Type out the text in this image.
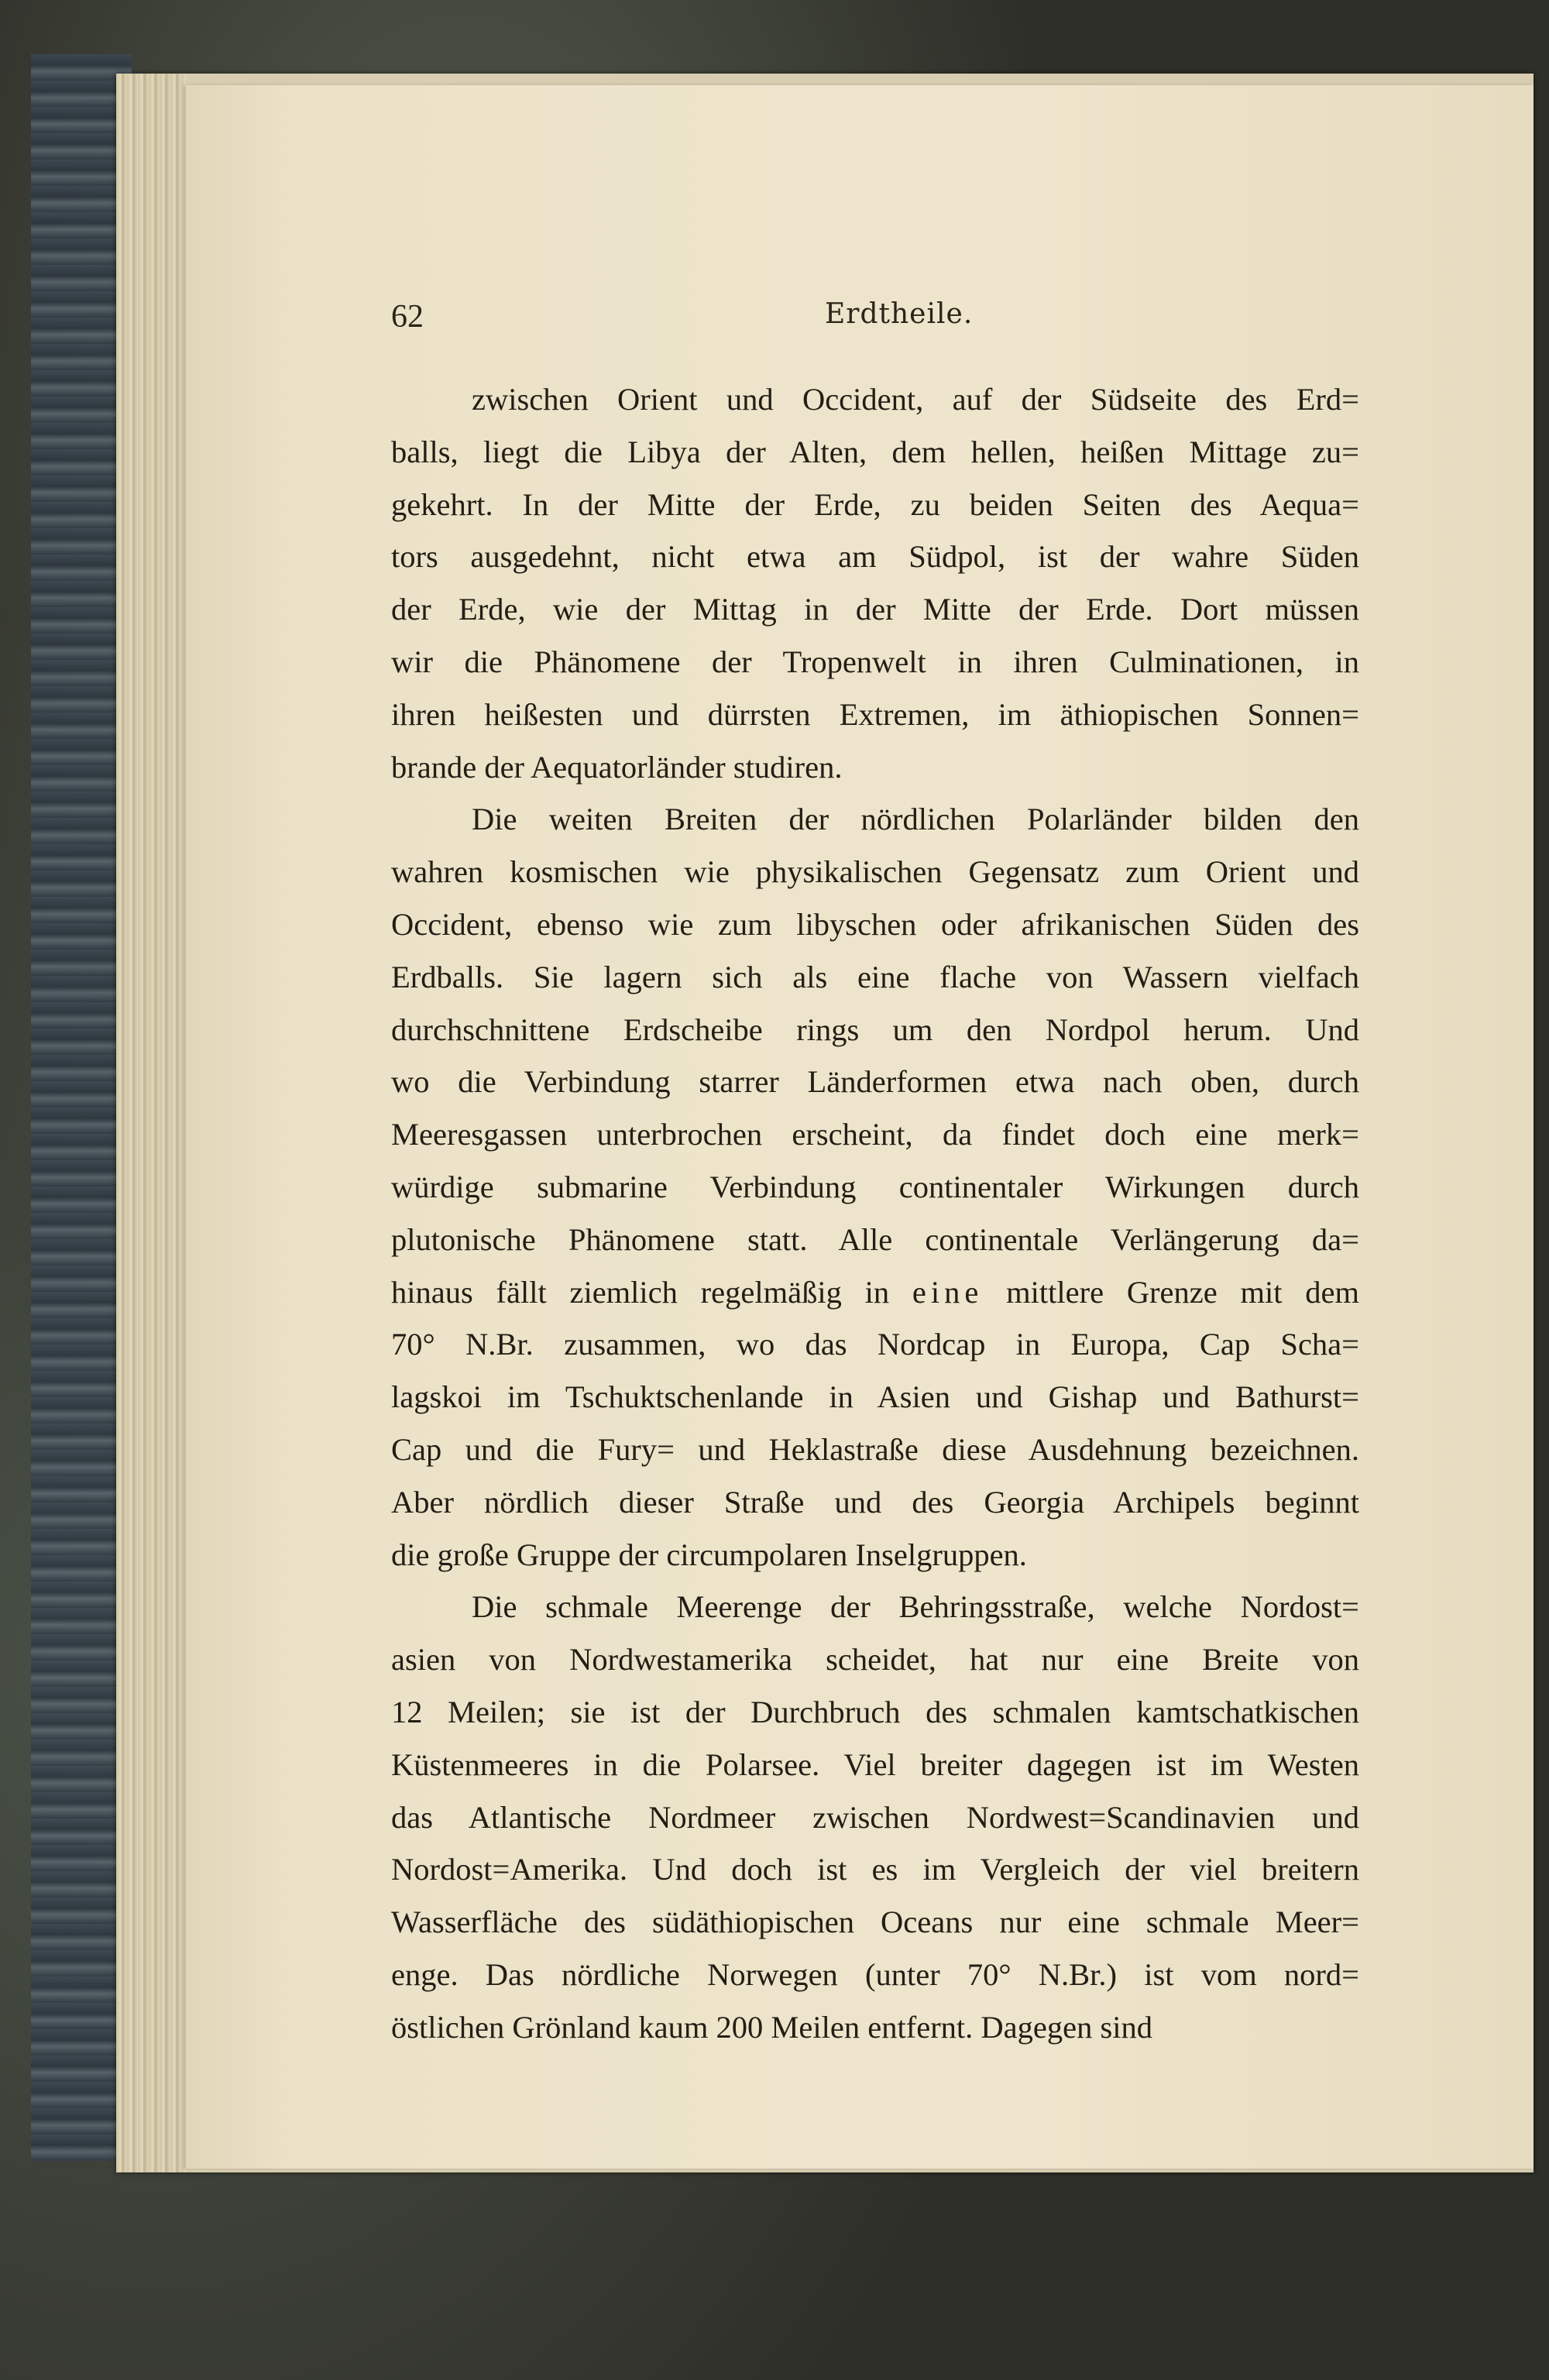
62	Erdtheile.
zwischen Orient und Occident, auf der Südseite des Erd=
balls, liegt die Libya der Alten, dem hellen, heißen Mittage zu=
gekehrt. In der Mitte der Erde, zu beiden Seiten des Aequa=
tors ausgedehnt, nicht etwa am Südpol, ist der wahre Süden
der Erde, wie der Mittag in der Mitte der Erde. Dort müssen
wir die Phänomene der Tropenwelt in ihren Culminationen, in
ihren heißesten und dürrsten Extremen, im äthiopischen Sonnen=
brande der Aequatorländer studiren.
Die weiten Breiten der nördlichen Polarländer bilden den
wahren kosmischen wie physikalischen Gegensatz zum Orient und
Occident, ebenso wie zum libyschen oder afrikanischen Süden des
Erdballs. Sie lagern sich als eine flache von Wassern vielfach
durchschnittene Erdscheibe rings um den Nordpol herum. Und
wo die Verbindung starrer Länderformen etwa nach oben, durch
Meeresgassen unterbrochen erscheint, da findet doch eine merk=
würdige submarine Verbindung continentaler Wirkungen durch
plutonische Phänomene statt. Alle continentale Verlängerung da=
hinaus fällt ziemlich regelmäßig in eine mittlere Grenze mit dem
70° N.Br. zusammen, wo das Nordcap in Europa, Cap Scha=
lagskoi im Tschuktschenlande in Asien und Gishap und Bathurst=
Cap und die Fury= und Heklastraße diese Ausdehnung bezeichnen.
Aber nördlich dieser Straße und des Georgia Archipels beginnt
die große Gruppe der circumpolaren Inselgruppen.
Die schmale Meerenge der Behringsstraße, welche Nordost=
asien von Nordwestamerika scheidet, hat nur eine Breite von
12 Meilen; sie ist der Durchbruch des schmalen kamtschatkischen
Küstenmeeres in die Polarsee. Viel breiter dagegen ist im Westen
das Atlantische Nordmeer zwischen Nordwest=Scandinavien und
Nordost=Amerika. Und doch ist es im Vergleich der viel breitern
Wasserfläche des südäthiopischen Oceans nur eine schmale Meer=
enge. Das nördliche Norwegen (unter 70° N.Br.) ist vom nord=
östlichen Grönland kaum 200 Meilen entfernt. Dagegen sind
